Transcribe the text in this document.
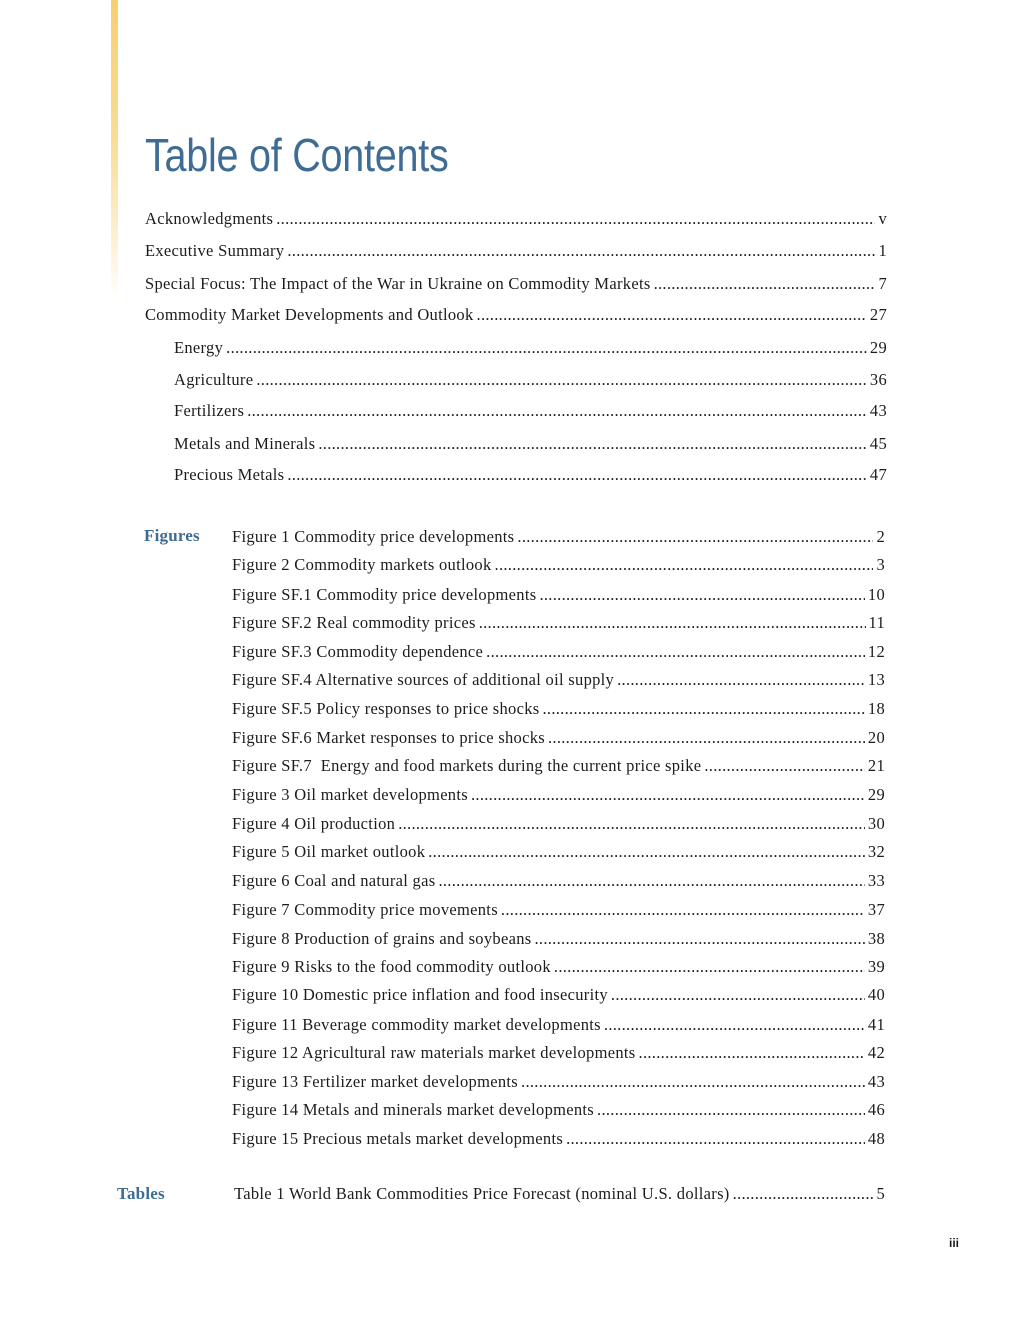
Table of Contents
Acknowledgments .....	v
Executive Summary .....	1
Special Focus: The Impact of the War in Ukraine on Commodity Markets .....	7
Commodity Market Developments and Outlook .....	27
Energy .....	29
Agriculture .....	36
Fertilizers .....	43
Metals and Minerals .....	45
Precious Metals .....	47
Figures Figure 1 Commodity price developments .....	2
Figure 2 Commodity markets outlook .....	3
Figure SF.1 Commodity price developments .....	10
Figure SF.2 Real commodity prices .....	11
Figure SF.3 Commodity dependence .....	12
Figure SF.4 Alternative sources of additional oil supply .....	13
Figure SF.5 Policy responses to price shocks .....	18
Figure SF.6 Market responses to price shocks .....	20
Figure SF.7  Energy and food markets during the current price spike .....	21
Figure 3 Oil market developments .....	29
Figure 4 Oil production .....	30
Figure 5 Oil market outlook .....	32
Figure 6 Coal and natural gas .....	33
Figure 7 Commodity price movements .....	37
Figure 8 Production of grains and soybeans .....	38
Figure 9 Risks to the food commodity outlook .....	39
Figure 10 Domestic price inflation and food insecurity .....	40
Figure 11 Beverage commodity market developments .....	41
Figure 12 Agricultural raw materials market developments .....	42
Figure 13 Fertilizer market developments .....	43
Figure 14 Metals and minerals market developments .....	46
Figure 15 Precious metals market developments .....	48
Tables	Table 1 World Bank Commodities Price Forecast (nominal U.S. dollars) .....	5
iii
